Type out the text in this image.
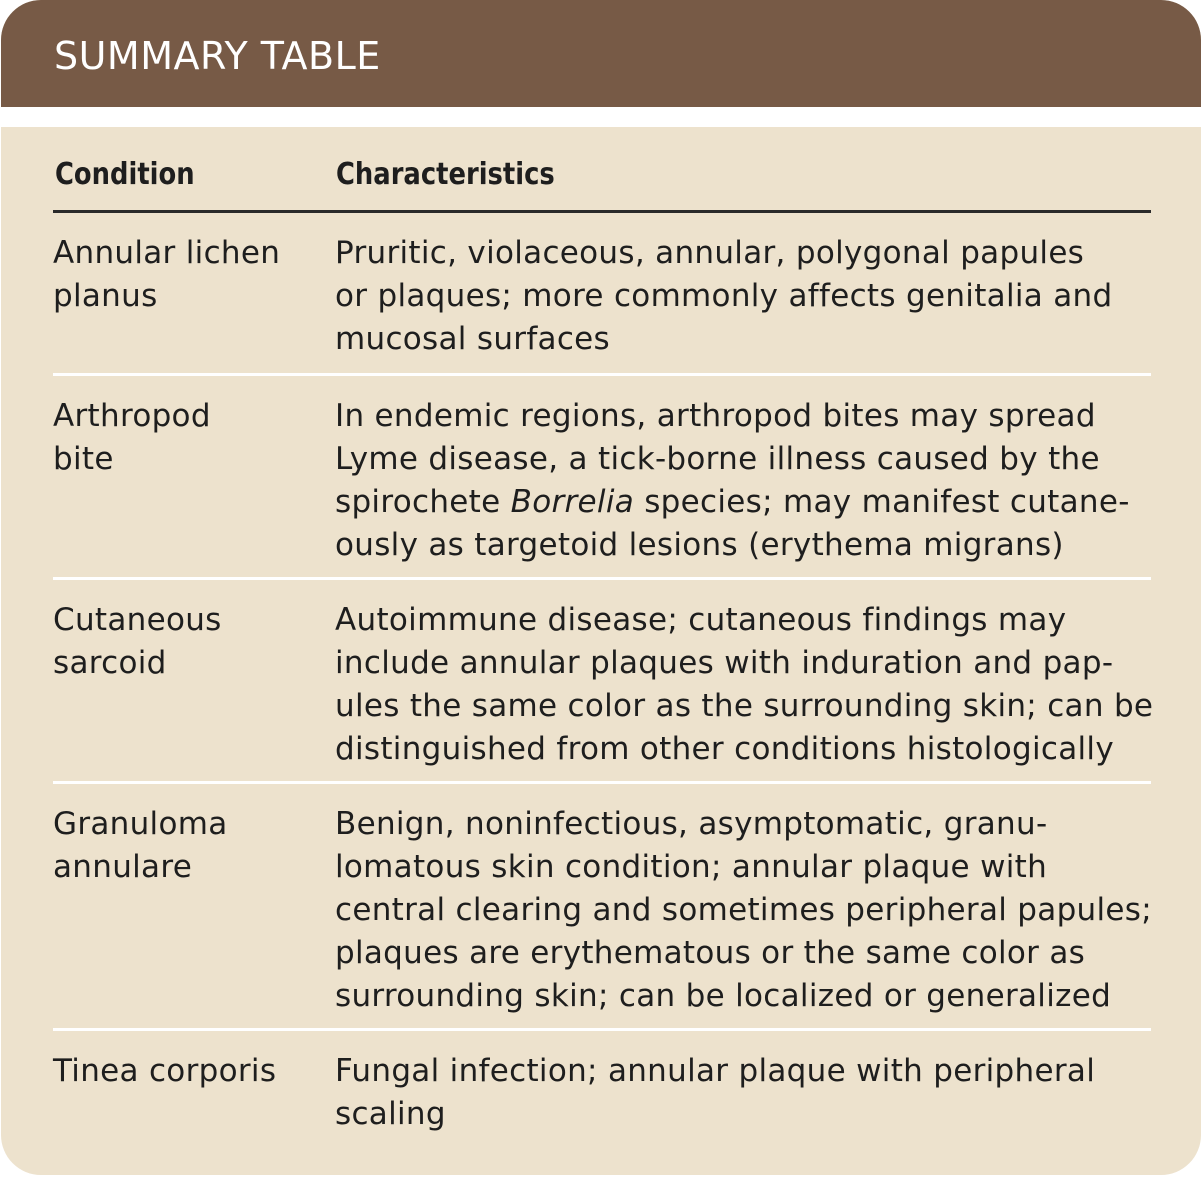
SUMMARY TABLE
Condition	Characteristics
Annular lichen
planus
Pruritic, violaceous, annular, polygonal papules
or plaques; more commonly affects genitalia and
mucosal surfaces
Arthropod
bite
In endemic regions, arthropod bites may spread
Lyme disease, a tick-borne illness caused by the
spirochete Borrelia species; may manifest cutane-
ously as targetoid lesions (erythema migrans)
Cutaneous
sarcoid
Autoimmune disease; cutaneous findings may
include annular plaques with induration and pap-
ules the same color as the surrounding skin; can be
distinguished from other conditions histologically
Granuloma
annulare
Benign, noninfectious, asymptomatic, granu-
lomatous skin condition; annular plaque with
central clearing and sometimes peripheral papules;
plaques are erythematous or the same color as
surrounding skin; can be localized or generalized
Tinea corporis	Fungal infection; annular plaque with peripheral
scaling
